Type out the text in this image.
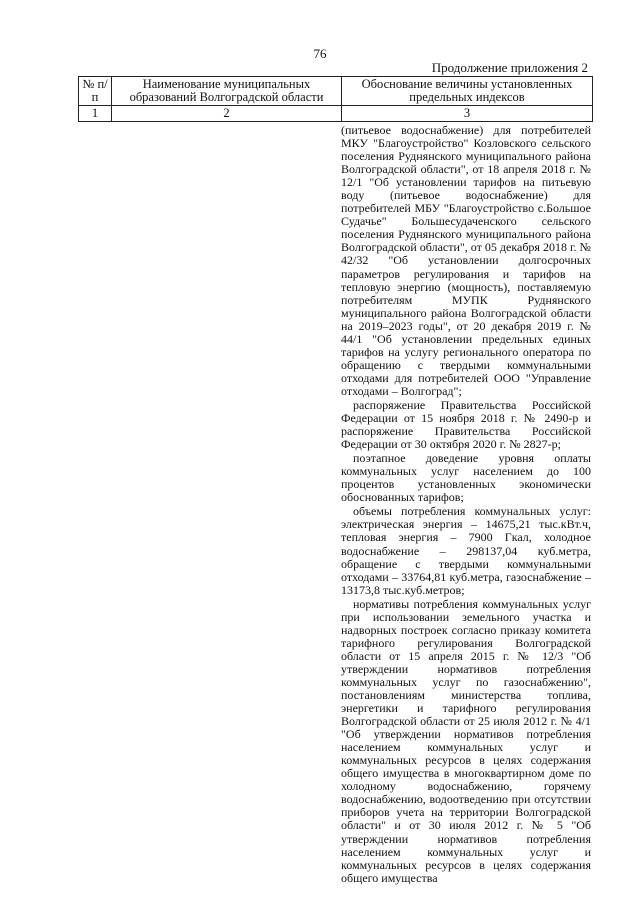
76
Продолжение приложения 2
№ п/п	Наименование муниципальных образований Волгоградской области	Обоснование величины установленных предельных индексов
1	2	3

(питьевое водоснабжение) для потребителей МКУ "Благоустройство" Козловского сельского поселения Руднянского муниципального района Волгоградской области", от 18 апреля 2018 г. № 12/1 "Об установлении тарифов на питьевую воду (питьевое водоснабжение) для потребителей МБУ "Благоустройство с.Большое Судачье" Большесудаченского сельского поселения Руднянского муниципального района Волгоградской области", от 05 декабря 2018 г. № 42/32 "Об установлении долгосрочных параметров регулирования и тарифов на тепловую энергию (мощность), поставляемую потребителям МУПК Руднянского муниципального района Волгоградской области на 2019–2023 годы", от 20 декабря 2019 г. № 44/1 "Об установлении предельных единых тарифов на услугу регионального оператора по обращению с твердыми коммунальными отходами для потребителей ООО "Управление отходами – Волгоград";

распоряжение Правительства Российской Федерации от 15 ноября 2018 г. № 2490-р и распоряжение Правительства Российской Федерации от 30 октября 2020 г. № 2827-р;

поэтапное доведение уровня оплаты коммунальных услуг населением до 100 процентов установленных экономически обоснованных тарифов;

объемы потребления коммунальных услуг: электрическая энергия – 14675,21 тыс.кВт.ч, тепловая энергия – 7900 Гкал, холодное водоснабжение – 298137,04 куб.метра, обращение с твердыми коммунальными отходами – 33764,81 куб.метра, газоснабжение – 13173,8 тыс.куб.метров;

нормативы потребления коммунальных услуг при использовании земельного участка и надворных построек согласно приказу комитета тарифного регулирования Волгоградской области от 15 апреля 2015 г. № 12/3 "Об утверждении нормативов потребления коммунальных услуг по газоснабжению", постановлениям министерства топлива, энергетики и тарифного регулирования Волгоградской области от 25 июля 2012 г. № 4/1 "Об утверждении нормативов потребления населением коммунальных услуг и коммунальных ресурсов в целях содержания общего имущества в многоквартирном доме по холодному водоснабжению, горячему водоснабжению, водоотведению при отсутствии приборов учета на территории Волгоградской области" и от 30 июля 2012 г. № 5 "Об утверждении нормативов потребления населением коммунальных услуг и коммунальных ресурсов в целях содержания общего имущества
